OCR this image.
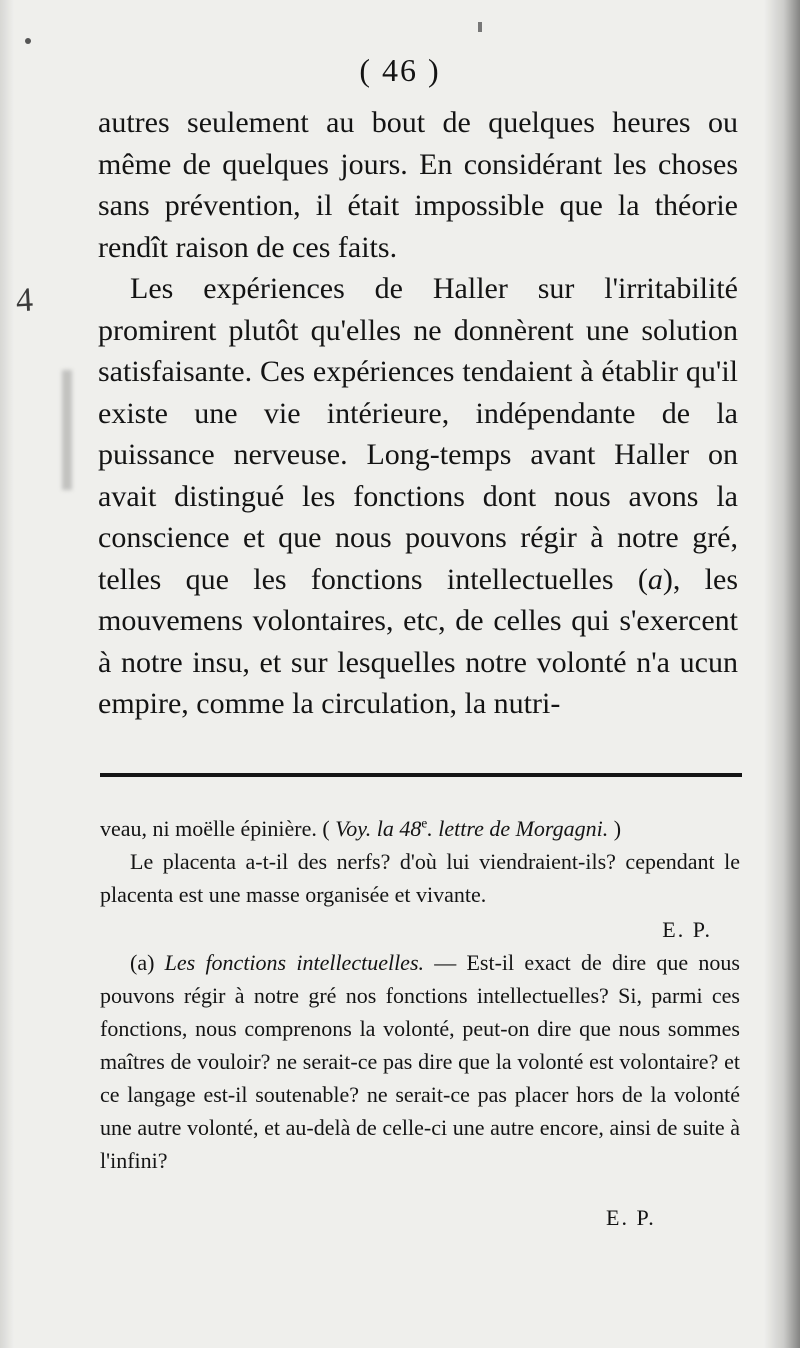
( 46 )
4

autres seulement au bout de quelques heures ou même de quelques jours. En considérant les choses sans prévention, il était impossible que la théorie rendît raison de ces faits.

Les expériences de Haller sur l'irritabilité promirent plutôt qu'elles ne donnèrent une solution satisfaisante. Ces expériences tendaient à établir qu'il existe une vie intérieure, indépendante de la puissance nerveuse. Long-temps avant Haller on avait distingué les fonctions dont nous avons la conscience et que nous pouvons régir à notre gré, telles que les fonctions intellectuelles (a), les mouvemens volontaires, etc, de celles qui s'exercent à notre insu, et sur lesquelles notre volonté n'a ucun empire, comme la circulation, la nutri-

veau, ni moëlle épinière. ( Voy. la 48e. lettre de Morgagni. )

Le placenta a-t-il des nerfs? d'où lui viendraient-ils? cependant le placenta est une masse organisée et vivante.

E. P.

(a) Les fonctions intellectuelles. — Est-il exact de dire que nous pouvons régir à notre gré nos fonctions intellectuelles? Si, parmi ces fonctions, nous comprenons la volonté, peut-on dire que nous sommes maîtres de vouloir? ne serait-ce pas dire que la volonté est volontaire? et ce langage est-il soutenable? ne serait-ce pas placer hors de la volonté une autre volonté, et au-delà de celle-ci une autre encore, ainsi de suite à l'infini?

E. P.
